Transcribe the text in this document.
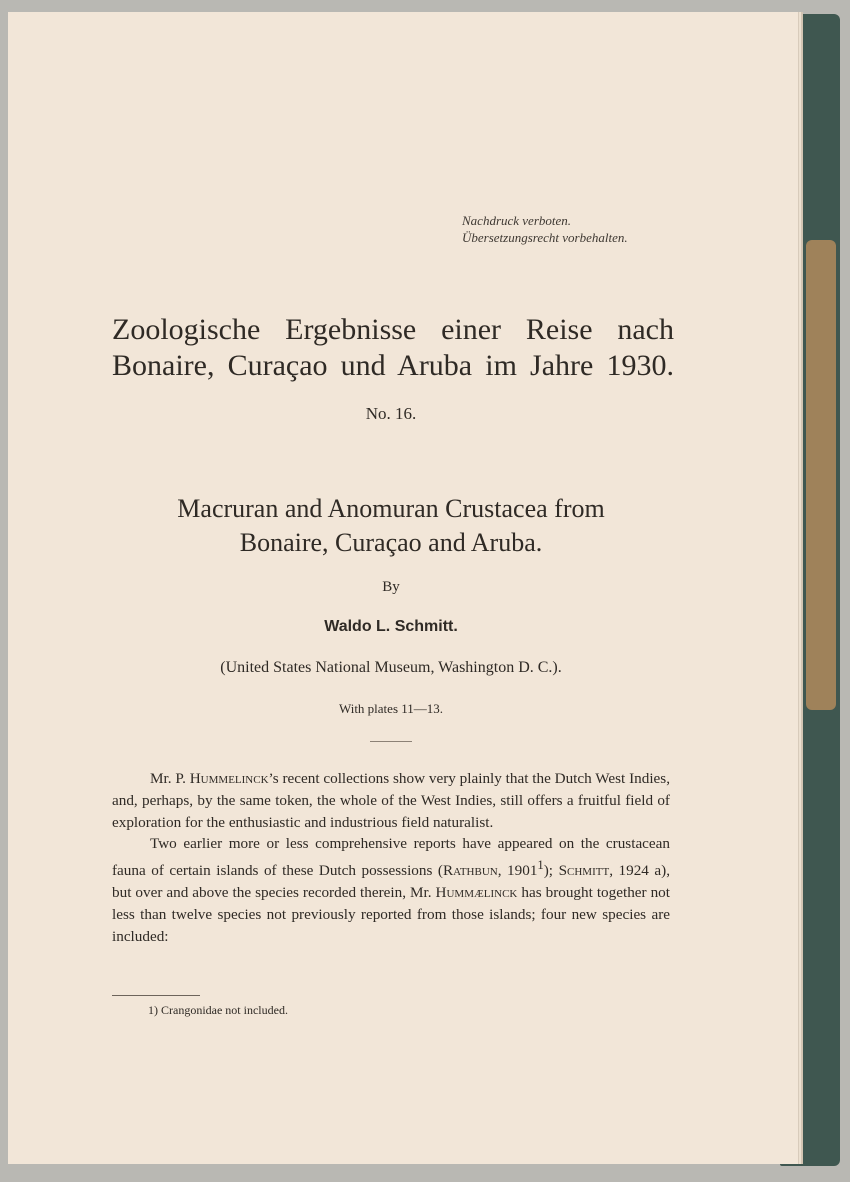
Nachdruck verboten.
Übersetzungsrecht vorbehalten.

Zoologische Ergebnisse einer Reise nach
Bonaire, Curaçao und Aruba im Jahre 1930.

No. 16.

Macruran and Anomuran Crustacea from
Bonaire, Curaçao and Aruba.

By

Waldo L. Schmitt.

(United States National Museum, Washington D. C.).

With plates 11—13.

Mr. P. Hummelinck’s recent collections show very plainly that the Dutch West Indies, and, perhaps, by the same token, the whole of the West Indies, still offers a fruitful field of exploration for the enthusiastic and industrious field naturalist.

Two earlier more or less comprehensive reports have appeared on the crustacean fauna of certain islands of these Dutch possessions (Rathbun, 1901$^1$); Schmitt, 1924 a), but over and above the species recorded therein, Mr. Hummælinck has brought together not less than twelve species not previously reported from those islands; four new species are included:

1) Crangonidae not included.
